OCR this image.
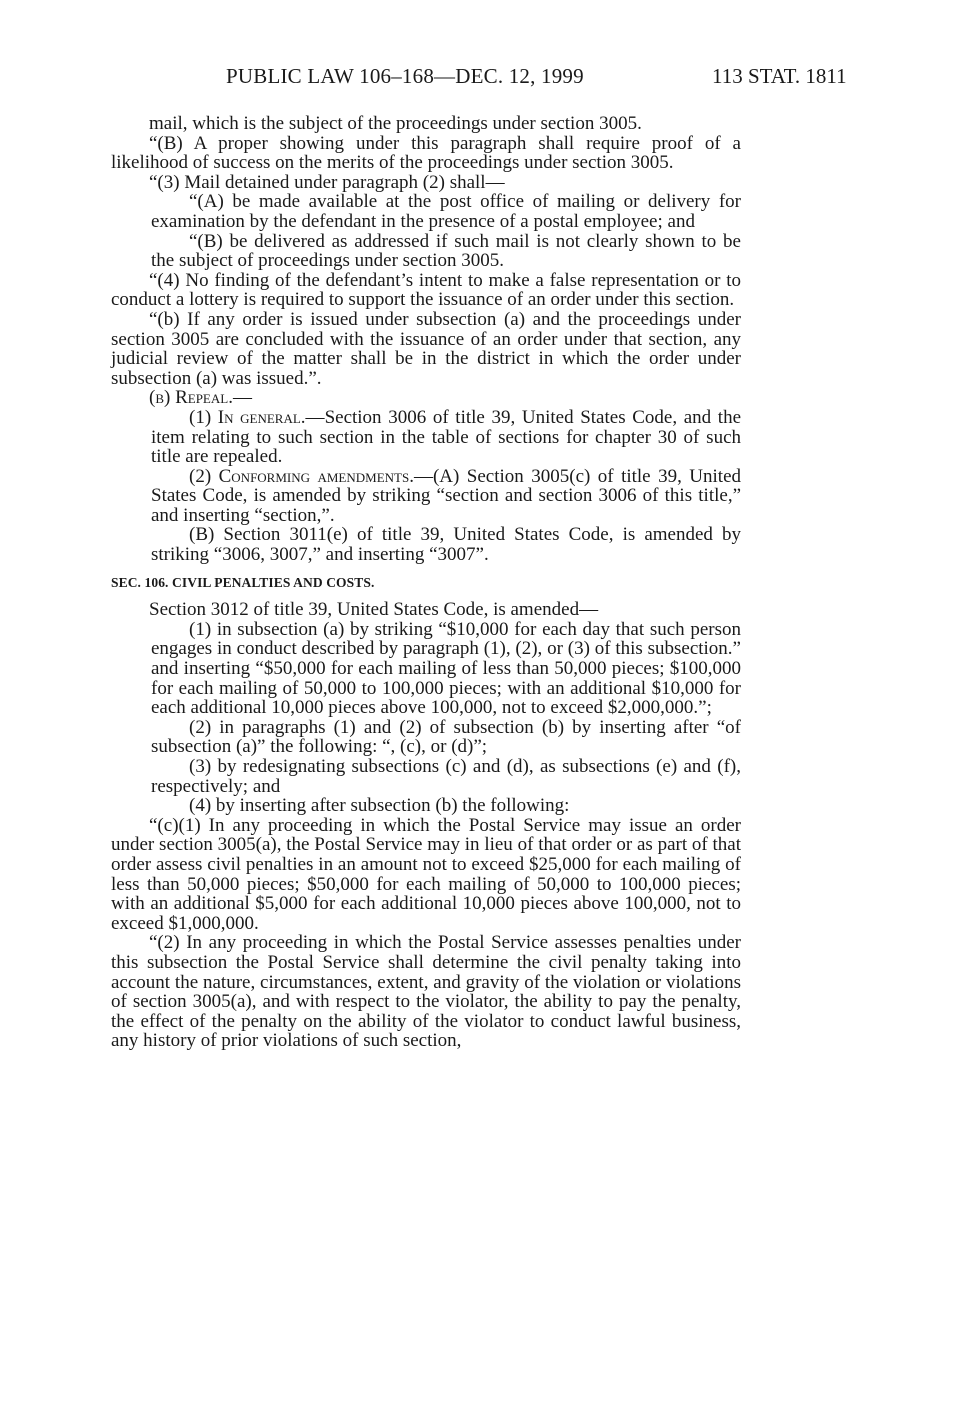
PUBLIC LAW 106–168—DEC. 12, 1999	113 STAT. 1811

mail, which is the subject of the proceedings under section 3005.

“(B) A proper showing under this paragraph shall require proof of a likelihood of success on the merits of the proceedings under section 3005.

“(3) Mail detained under paragraph (2) shall—

“(A) be made available at the post office of mailing or delivery for examination by the defendant in the presence of a postal employee; and

“(B) be delivered as addressed if such mail is not clearly shown to be the subject of proceedings under section 3005.

“(4) No finding of the defendant’s intent to make a false representation or to conduct a lottery is required to support the issuance of an order under this section.

“(b) If any order is issued under subsection (a) and the proceedings under section 3005 are concluded with the issuance of an order under that section, any judicial review of the matter shall be in the district in which the order under subsection (a) was issued.”.

(b) Repeal.—

(1) In general.—Section 3006 of title 39, United States Code, and the item relating to such section in the table of sections for chapter 30 of such title are repealed.

(2) Conforming amendments.—(A) Section 3005(c) of title 39, United States Code, is amended by striking “section and section 3006 of this title,” and inserting “section,”.

(B) Section 3011(e) of title 39, United States Code, is amended by striking “3006, 3007,” and inserting “3007”.

SEC. 106. CIVIL PENALTIES AND COSTS.

Section 3012 of title 39, United States Code, is amended—

(1) in subsection (a) by striking “$10,000 for each day that such person engages in conduct described by paragraph (1), (2), or (3) of this subsection.” and inserting “$50,000 for each mailing of less than 50,000 pieces; $100,000 for each mailing of 50,000 to 100,000 pieces; with an additional $10,000 for each additional 10,000 pieces above 100,000, not to exceed $2,000,000.”;

(2) in paragraphs (1) and (2) of subsection (b) by inserting after “of subsection (a)” the following: “, (c), or (d)”;

(3) by redesignating subsections (c) and (d), as subsections (e) and (f), respectively; and

(4) by inserting after subsection (b) the following:

“(c)(1) In any proceeding in which the Postal Service may issue an order under section 3005(a), the Postal Service may in lieu of that order or as part of that order assess civil penalties in an amount not to exceed $25,000 for each mailing of less than 50,000 pieces; $50,000 for each mailing of 50,000 to 100,000 pieces; with an additional $5,000 for each additional 10,000 pieces above 100,000, not to exceed $1,000,000.

“(2) In any proceeding in which the Postal Service assesses penalties under this subsection the Postal Service shall determine the civil penalty taking into account the nature, circumstances, extent, and gravity of the violation or violations of section 3005(a), and with respect to the violator, the ability to pay the penalty, the effect of the penalty on the ability of the violator to conduct lawful business, any history of prior violations of such section,
